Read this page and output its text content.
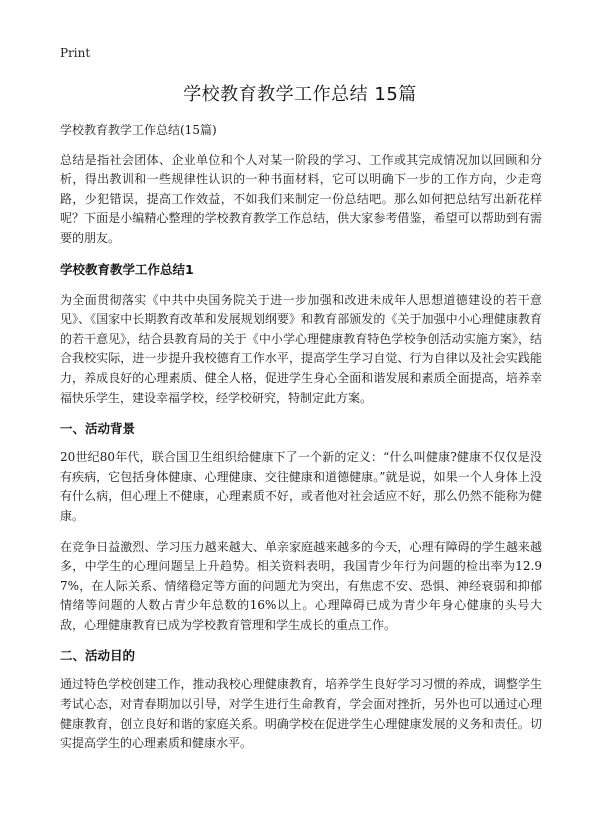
Print
学校教育教学工作总结 15篇

学校教育教学工作总结(15篇)

总结是指社会团体、企业单位和个人对某一阶段的学习、工作或其完成情况加以回顾和分析，得出教训和一些规律性认识的一种书面材料，它可以明确下一步的工作方向，少走弯路，少犯错误，提高工作效益，不如我们来制定一份总结吧。那么如何把总结写出新花样呢？下面是小编精心整理的学校教育教学工作总结，供大家参考借鉴，希望可以帮助到有需要的朋友。

学校教育教学工作总结1

为全面贯彻落实《中共中央国务院关于进一步加强和改进未成年人思想道德建设的若干意见》、《国家中长期教育改革和发展规划纲要》和教育部颁发的《关于加强中小心理健康教育的若干意见》，结合县教育局的关于《中小学心理健康教育特色学校争创活动实施方案》，结合我校实际，进一步提升我校德育工作水平，提高学生学习自觉、行为自律以及社会实践能力，养成良好的心理素质、健全人格，促进学生身心全面和谐发展和素质全面提高，培养幸福快乐学生，建设幸福学校，经学校研究，特制定此方案。

一、活动背景

20世纪80年代，联合国卫生组织给健康下了一个新的定义：“什么叫健康?健康不仅仅是没有疾病，它包括身体健康、心理健康、交往健康和道德健康。”就是说，如果一个人身体上没有什么病，但心理上不健康，心理素质不好，或者他对社会适应不好，那么仍然不能称为健康。

在竞争日益激烈、学习压力越来越大、单亲家庭越来越多的今天，心理有障碍的学生越来越多，中学生的心理问题呈上升趋势。相关资料表明，我国青少年行为问题的检出率为12.97%，在人际关系、情绪稳定等方面的问题尤为突出，有焦虑不安、恐惧、神经衰弱和抑郁情绪等问题的人数占青少年总数的16%以上。心理障碍已成为青少年身心健康的头号大敌，心理健康教育已成为学校教育管理和学生成长的重点工作。

二、活动目的

通过特色学校创建工作，推动我校心理健康教育，培养学生良好学习习惯的养成，调整学生考试心态，对青春期加以引导，对学生进行生命教育，学会面对挫折，另外也可以通过心理健康教育，创立良好和谐的家庭关系。明确学校在促进学生心理健康发展的义务和责任。切实提高学生的心理素质和健康水平。
